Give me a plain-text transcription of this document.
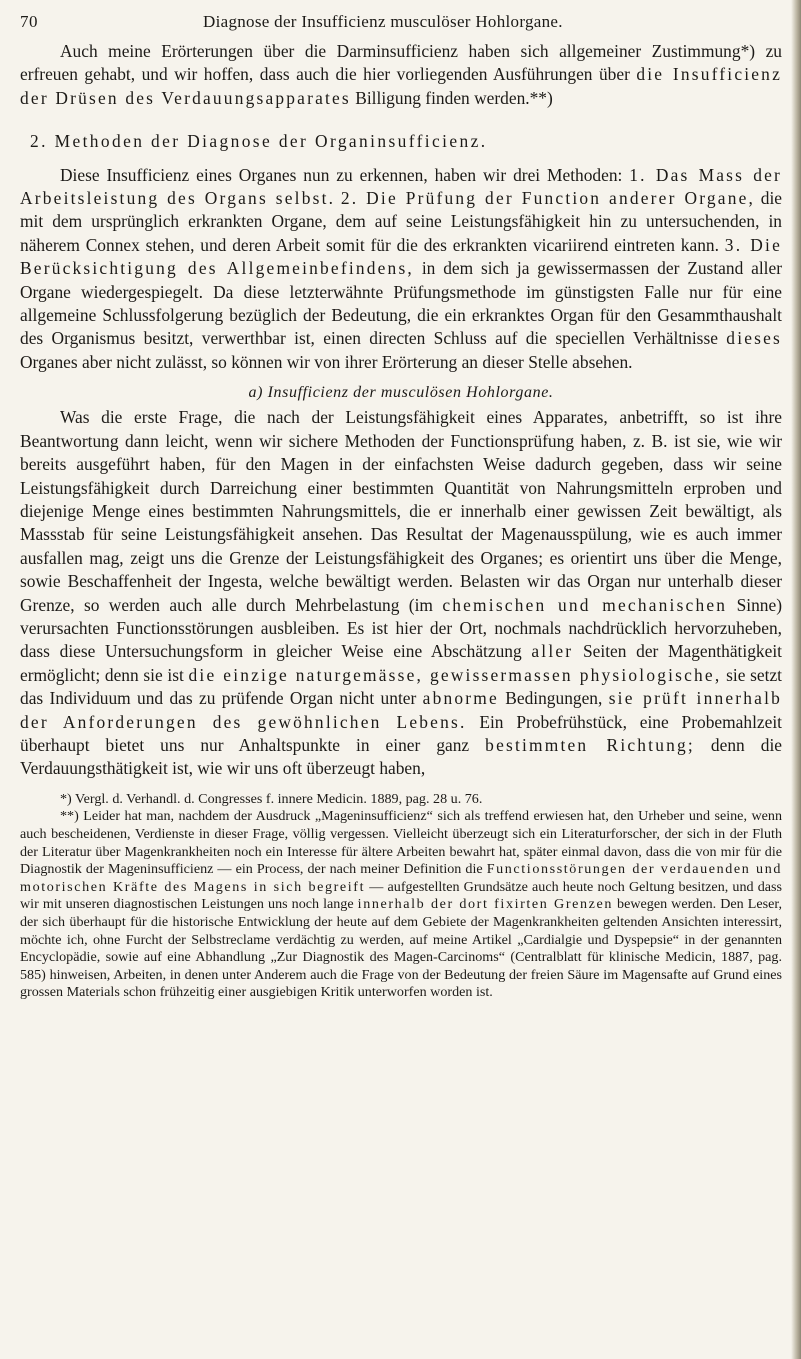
70	Diagnose der Insufficienz musculöser Hohlorgane.

Auch meine Erörterungen über die Darminsufficienz haben sich allgemeiner Zustimmung*) zu erfreuen gehabt, und wir hoffen, dass auch die hier vorliegenden Ausführungen über die Insufficienz der Drüsen des Verdauungsapparates Billigung finden werden.**)

2. Methoden der Diagnose der Organinsufficienz.

Diese Insufficienz eines Organes nun zu erkennen, haben wir drei Methoden: 1. Das Mass der Arbeitsleistung des Organs selbst. 2. Die Prüfung der Function anderer Organe, die mit dem ursprünglich erkrankten Organe, dem auf seine Leistungsfähigkeit hin zu untersuchenden, in näherem Connex stehen, und deren Arbeit somit für die des erkrankten vicariirend eintreten kann. 3. Die Berücksichtigung des Allgemeinbefindens, in dem sich ja gewissermassen der Zustand aller Organe wiedergespiegelt. Da diese letzterwähnte Prüfungsmethode im günstigsten Falle nur für eine allgemeine Schlussfolgerung bezüglich der Bedeutung, die ein erkranktes Organ für den Gesammthaushalt des Organismus besitzt, verwerthbar ist, einen directen Schluss auf die speciellen Verhältnisse dieses Organes aber nicht zulässt, so können wir von ihrer Erörterung an dieser Stelle absehen.

a) Insufficienz der musculösen Hohlorgane.

Was die erste Frage, die nach der Leistungsfähigkeit eines Apparates, anbetrifft, so ist ihre Beantwortung dann leicht, wenn wir sichere Methoden der Functionsprüfung haben, z. B. ist sie, wie wir bereits ausgeführt haben, für den Magen in der einfachsten Weise dadurch gegeben, dass wir seine Leistungsfähigkeit durch Darreichung einer bestimmten Quantität von Nahrungsmitteln erproben und diejenige Menge eines bestimmten Nahrungsmittels, die er innerhalb einer gewissen Zeit bewältigt, als Massstab für seine Leistungsfähigkeit ansehen. Das Resultat der Magenausspülung, wie es auch immer ausfallen mag, zeigt uns die Grenze der Leistungsfähigkeit des Organes; es orientirt uns über die Menge, sowie Beschaffenheit der Ingesta, welche bewältigt werden. Belasten wir das Organ nur unterhalb dieser Grenze, so werden auch alle durch Mehrbelastung (im chemischen und mechanischen Sinne) verursachten Functionsstörungen ausbleiben. Es ist hier der Ort, nochmals nachdrücklich hervorzuheben, dass diese Untersuchungsform in gleicher Weise eine Abschätzung aller Seiten der Magenthätigkeit ermöglicht; denn sie ist die einzige naturgemässe, gewissermassen physiologische, sie setzt das Individuum und das zu prüfende Organ nicht unter abnorme Bedingungen, sie prüft innerhalb der Anforderungen des gewöhnlichen Lebens. Ein Probefrühstück, eine Probemahlzeit überhaupt bietet uns nur Anhaltspunkte in einer ganz bestimmten Richtung; denn die Verdauungsthätigkeit ist, wie wir uns oft überzeugt haben,

*) Vergl. d. Verhandl. d. Congresses f. innere Medicin. 1889, pag. 28 u. 76.

**) Leider hat man, nachdem der Ausdruck „Mageninsufficienz“ sich als treffend erwiesen hat, den Urheber und seine, wenn auch bescheidenen, Verdienste in dieser Frage, völlig vergessen. Vielleicht überzeugt sich ein Literaturforscher, der sich in der Fluth der Literatur über Magenkrankheiten noch ein Interesse für ältere Arbeiten bewahrt hat, später einmal davon, dass die von mir für die Diagnostik der Mageninsufficienz — ein Process, der nach meiner Definition die Functionsstörungen der verdauenden und motorischen Kräfte des Magens in sich begreift — aufgestellten Grundsätze auch heute noch Geltung besitzen, und dass wir mit unseren diagnostischen Leistungen uns noch lange innerhalb der dort fixirten Grenzen bewegen werden. Den Leser, der sich überhaupt für die historische Entwicklung der heute auf dem Gebiete der Magenkrankheiten geltenden Ansichten interessirt, möchte ich, ohne Furcht der Selbstreclame verdächtig zu werden, auf meine Artikel „Cardialgie und Dyspepsie“ in der genannten Encyclopädie, sowie auf eine Abhandlung „Zur Diagnostik des Magen-Carcinoms“ (Centralblatt für klinische Medicin, 1887, pag. 585) hinweisen, Arbeiten, in denen unter Anderem auch die Frage von der Bedeutung der freien Säure im Magensafte auf Grund eines grossen Materials schon frühzeitig einer ausgiebigen Kritik unterworfen worden ist.
